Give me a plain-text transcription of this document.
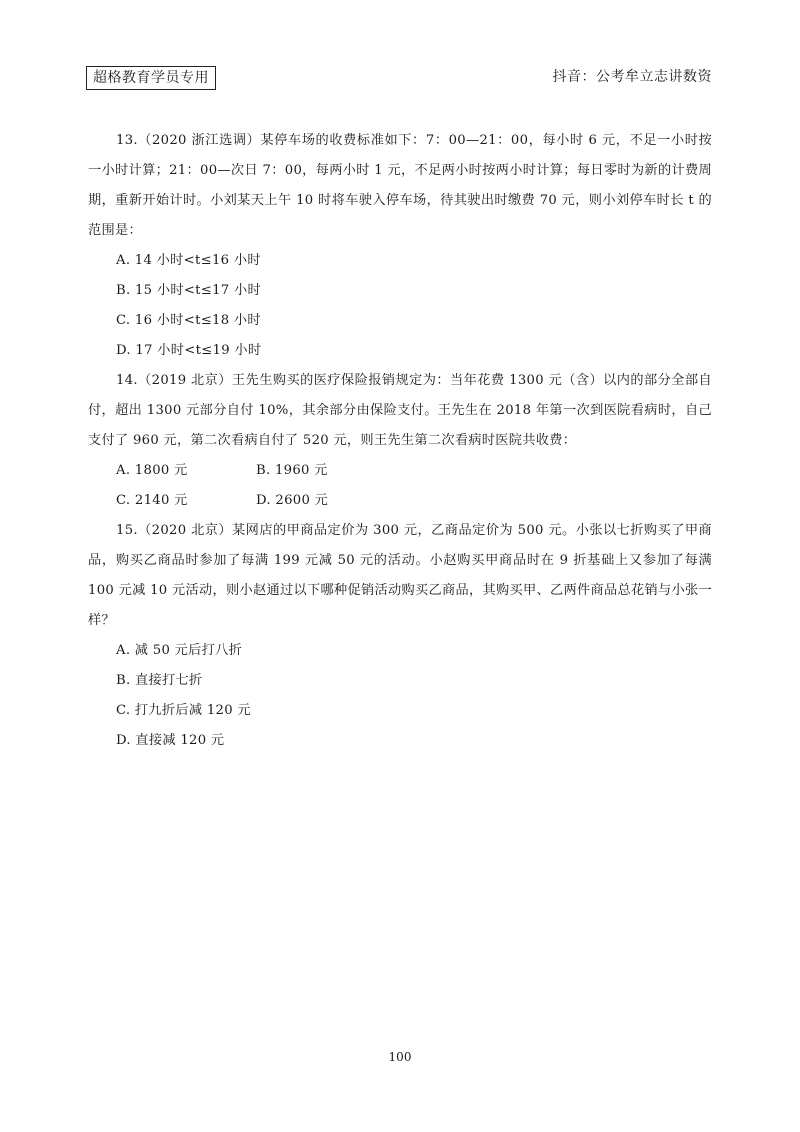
超格教育学员专用	抖音：公考牟立志讲数资

13.（2020 浙江选调）某停车场的收费标准如下：7：00—21：00，每小时 6 元，不足一小时按一小时计算；21：00—次日 7：00，每两小时 1 元，不足两小时按两小时计算；每日零时为新的计费周期，重新开始计时。小刘某天上午 10 时将车驶入停车场，待其驶出时缴费 70 元，则小刘停车时长 t 的范围是：

A. 14 小时<t≤16 小时
B. 15 小时<t≤17 小时
C. 16 小时<t≤18 小时
D. 17 小时<t≤19 小时

14.（2019 北京）王先生购买的医疗保险报销规定为：当年花费 1300 元（含）以内的部分全部自付，超出 1300 元部分自付 10%，其余部分由保险支付。王先生在 2018 年第一次到医院看病时，自己支付了 960 元，第二次看病自付了 520 元，则王先生第二次看病时医院共收费：

A. 1800 元	B. 1960 元
C. 2140 元	D. 2600 元

15.（2020 北京）某网店的甲商品定价为 300 元，乙商品定价为 500 元。小张以七折购买了甲商品，购买乙商品时参加了每满 199 元减 50 元的活动。小赵购买甲商品时在 9 折基础上又参加了每满 100 元减 10 元活动，则小赵通过以下哪种促销活动购买乙商品，其购买甲、乙两件商品总花销与小张一样？

A. 减 50 元后打八折
B. 直接打七折
C. 打九折后减 120 元
D. 直接减 120 元
100
